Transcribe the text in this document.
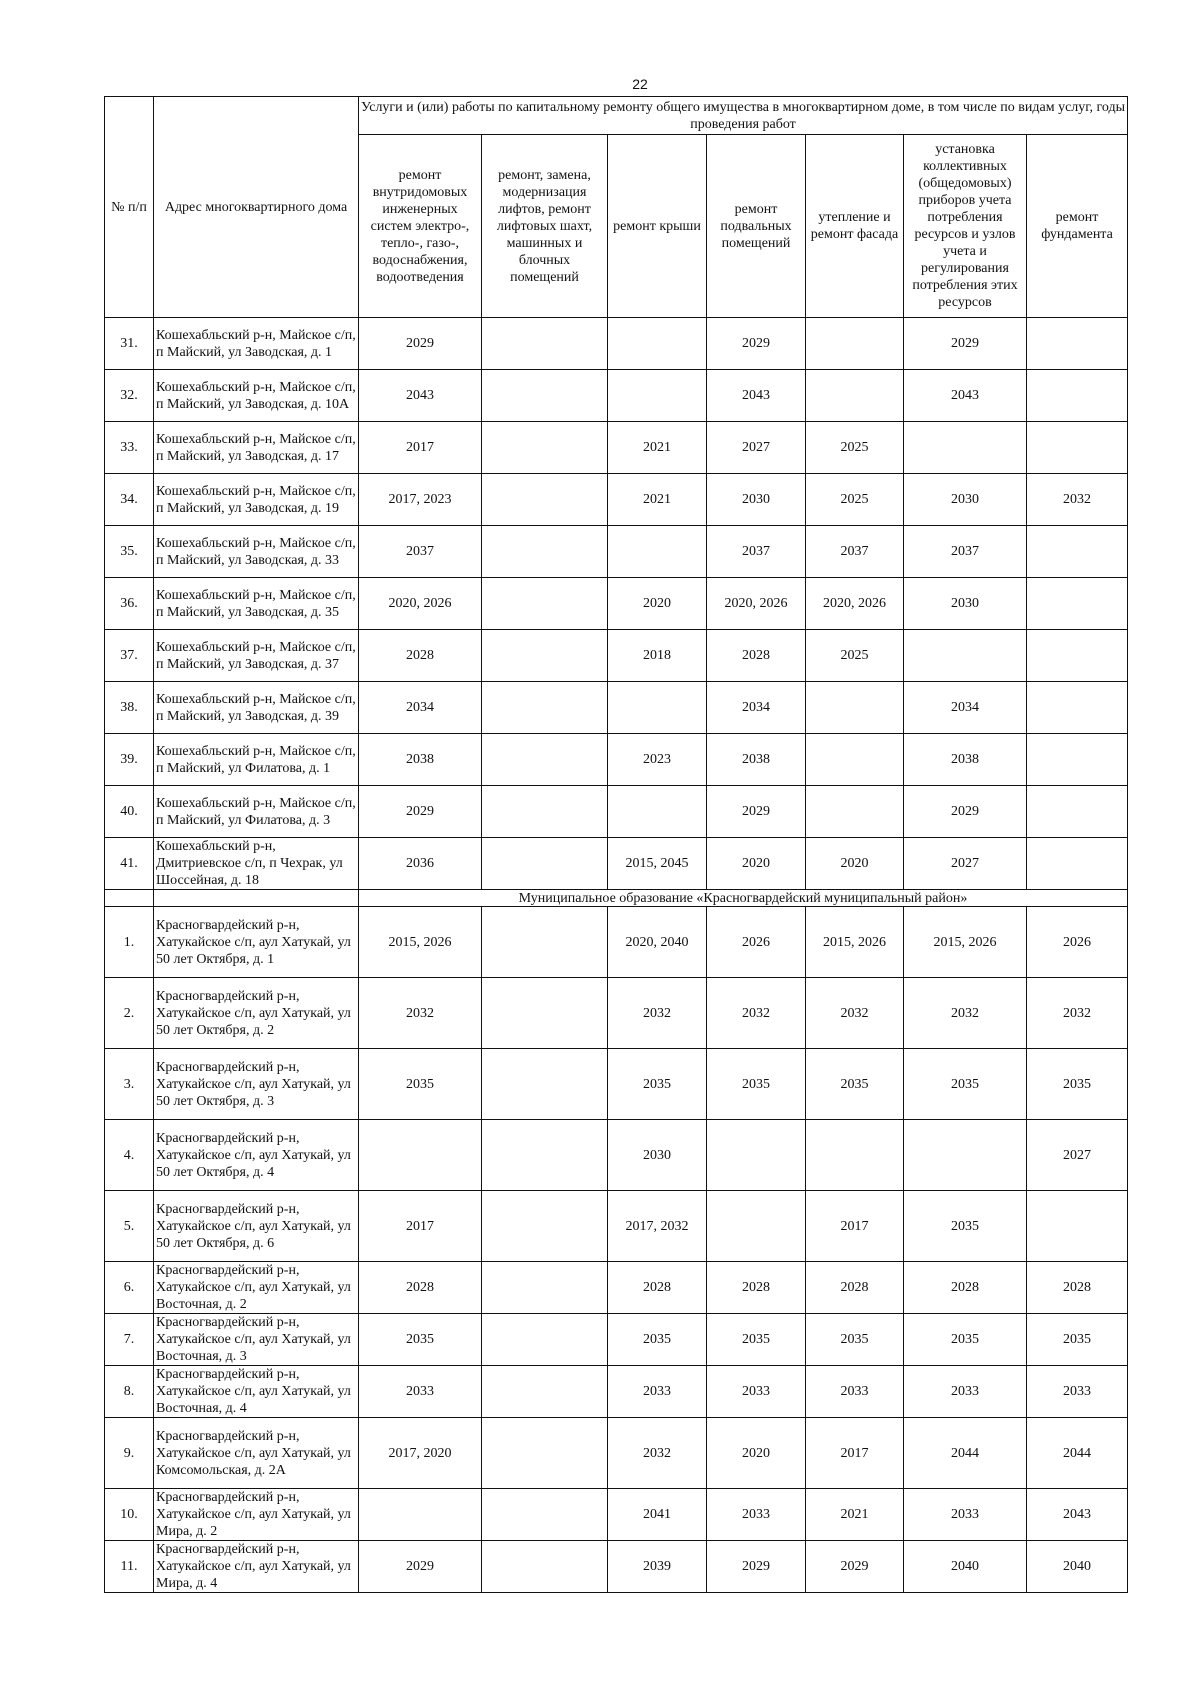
22
№ п/п	Адрес многоквартирного дома	Услуги и (или) работы по капитальному ремонту общего имущества в многоквартирном доме, в том числе по видам услуг, годы проведения работ						
		ремонт внутридомовых инженерных систем электро-, тепло-, газо-, водоснабжения, водоотведения	ремонт, замена, модернизация лифтов, ремонт лифтовых шахт, машинных и блочных помещений	ремонт крыши	ремонт подвальных помещений	утепление и ремонт фасада	установка коллективных (общедомовых) приборов учета потребления ресурсов и узлов учета и регулирования потребления этих ресурсов	ремонт фундамента
31.	Кошехабльский р-н, Майское с/п, п Майский, ул Заводская, д. 1	2029			2029		2029	
32.	Кошехабльский р-н, Майское с/п, п Майский, ул Заводская, д. 10А	2043			2043		2043	
33.	Кошехабльский р-н, Майское с/п, п Майский, ул Заводская, д. 17	2017		2021	2027	2025		
34.	Кошехабльский р-н, Майское с/п, п Майский, ул Заводская, д. 19	2017, 2023		2021	2030	2025	2030	2032
35.	Кошехабльский р-н, Майское с/п, п Майский, ул Заводская, д. 33	2037			2037	2037	2037	
36.	Кошехабльский р-н, Майское с/п, п Майский, ул Заводская, д. 35	2020, 2026		2020	2020, 2026	2020, 2026	2030	
37.	Кошехабльский р-н, Майское с/п, п Майский, ул Заводская, д. 37	2028		2018	2028	2025		
38.	Кошехабльский р-н, Майское с/п, п Майский, ул Заводская, д. 39	2034			2034		2034	
39.	Кошехабльский р-н, Майское с/п, п Майский, ул Филатова, д. 1	2038		2023	2038		2038	
40.	Кошехабльский р-н, Майское с/п, п Майский, ул Филатова, д. 3	2029			2029		2029	
41.	Кошехабльский р-н, Дмитриевское с/п, п Чехрак, ул Шоссейная, д. 18	2036		2015, 2045	2020	2020	2027	
		Муниципальное образование «Красногвардейский муниципальный район»						
1.	Красногвардейский р-н, Хатукайское с/п, аул Хатукай, ул 50 лет Октября, д. 1	2015, 2026		2020, 2040	2026	2015, 2026	2015, 2026	2026
2.	Красногвардейский р-н, Хатукайское с/п, аул Хатукай, ул 50 лет Октября, д. 2	2032		2032	2032	2032	2032	2032
3.	Красногвардейский р-н, Хатукайское с/п, аул Хатукай, ул 50 лет Октября, д. 3	2035		2035	2035	2035	2035	2035
4.	Красногвардейский р-н, Хатукайское с/п, аул Хатукай, ул 50 лет Октября, д. 4			2030				2027
5.	Красногвардейский р-н, Хатукайское с/п, аул Хатукай, ул 50 лет Октября, д. 6	2017		2017, 2032		2017	2035	
6.	Красногвардейский р-н, Хатукайское с/п, аул Хатукай, ул Восточная, д. 2	2028		2028	2028	2028	2028	2028
7.	Красногвардейский р-н, Хатукайское с/п, аул Хатукай, ул Восточная, д. 3	2035		2035	2035	2035	2035	2035
8.	Красногвардейский р-н, Хатукайское с/п, аул Хатукай, ул Восточная, д. 4	2033		2033	2033	2033	2033	2033
9.	Красногвардейский р-н, Хатукайское с/п, аул Хатукай, ул Комсомольская, д. 2А	2017, 2020		2032	2020	2017	2044	2044
10.	Красногвардейский р-н, Хатукайское с/п, аул Хатукай, ул Мира, д. 2			2041	2033	2021	2033	2043
11.	Красногвардейский р-н, Хатукайское с/п, аул Хатукай, ул Мира, д. 4	2029		2039	2029	2029	2040	2040
